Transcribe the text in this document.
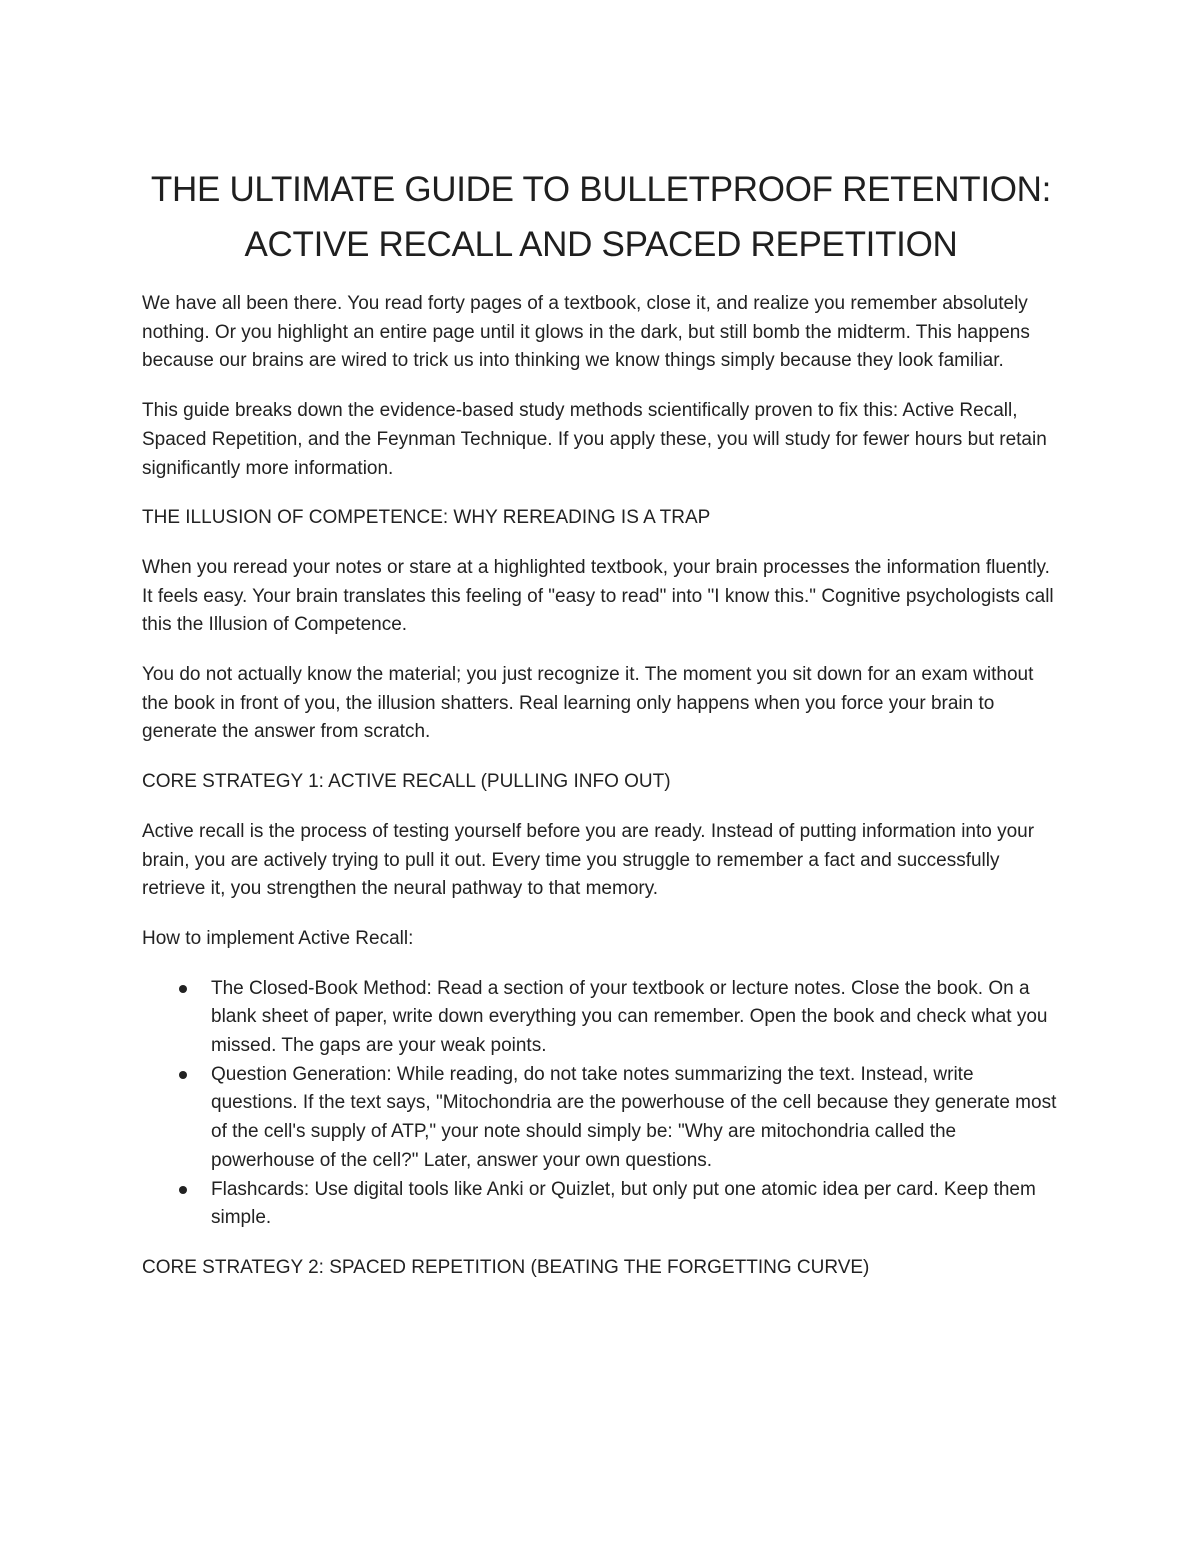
THE ULTIMATE GUIDE TO BULLETPROOF RETENTION: ACTIVE RECALL AND SPACED REPETITION

We have all been there. You read forty pages of a textbook, close it, and realize you remember absolutely nothing. Or you highlight an entire page until it glows in the dark, but still bomb the midterm. This happens because our brains are wired to trick us into thinking we know things simply because they look familiar.

This guide breaks down the evidence-based study methods scientifically proven to fix this: Active Recall, Spaced Repetition, and the Feynman Technique. If you apply these, you will study for fewer hours but retain significantly more information.

THE ILLUSION OF COMPETENCE: WHY REREADING IS A TRAP

When you reread your notes or stare at a highlighted textbook, your brain processes the information fluently. It feels easy. Your brain translates this feeling of "easy to read" into "I know this." Cognitive psychologists call this the Illusion of Competence.

You do not actually know the material; you just recognize it. The moment you sit down for an exam without the book in front of you, the illusion shatters. Real learning only happens when you force your brain to generate the answer from scratch.

CORE STRATEGY 1: ACTIVE RECALL (PULLING INFO OUT)

Active recall is the process of testing yourself before you are ready. Instead of putting information into your brain, you are actively trying to pull it out. Every time you struggle to remember a fact and successfully retrieve it, you strengthen the neural pathway to that memory.

How to implement Active Recall:

The Closed-Book Method: Read a section of your textbook or lecture notes. Close the book. On a blank sheet of paper, write down everything you can remember. Open the book and check what you missed. The gaps are your weak points.
Question Generation: While reading, do not take notes summarizing the text. Instead, write questions. If the text says, "Mitochondria are the powerhouse of the cell because they generate most of the cell's supply of ATP," your note should simply be: "Why are mitochondria called the powerhouse of the cell?" Later, answer your own questions.
Flashcards: Use digital tools like Anki or Quizlet, but only put one atomic idea per card. Keep them simple.
CORE STRATEGY 2: SPACED REPETITION (BEATING THE FORGETTING CURVE)
